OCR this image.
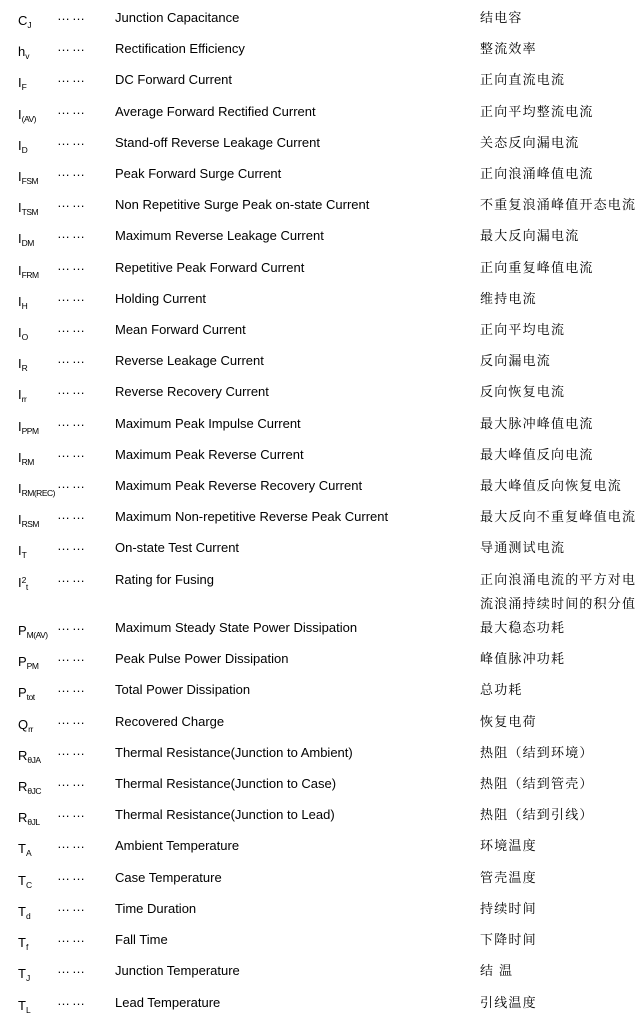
$C_J$
……	Junction Capacitance	结电容
$h_v$
……	Rectification Efficiency	整流效率
$I_F$
……	DC Forward Current	正向直流电流
$I_{(AV)}$
……	Average Forward Rectified Current	正向平均整流电流
$I_D$
……	Stand-off Reverse Leakage Current	关态反向漏电流
$I_{FSM}$
……	Peak Forward Surge Current	正向浪涌峰值电流
$I_{TSM}$
……	Non Repetitive Surge Peak on-state Current	不重复浪涌峰值开态电流
$I_{DM}$
……	Maximum Reverse Leakage Current	最大反向漏电流
$I_{FRM}$
……	Repetitive Peak Forward Current	正向重复峰值电流
$I_H$
……	Holding Current	维持电流
$I_O$
……	Mean Forward Current	正向平均电流
$I_R$
……	Reverse Leakage Current	反向漏电流
$I_{rr}$
……	Reverse Recovery Current	反向恢复电流
$I_{PPM}$
……	Maximum Peak Impulse Current	最大脉冲峰值电流
$I_{RM}$
……	Maximum Peak Reverse Current	最大峰值反向电流
$I_{RM(REC)}$
……	Maximum Peak Reverse Recovery Current	最大峰值反向恢复电流
$I_{RSM}$
……	Maximum Non-repetitive Reverse Peak Current	最大反向不重复峰值电流
$I_T$
……	On-state Test Current	导通测试电流
$I^2_t$
……	Rating for Fusing	正向浪涌电流的平方对电
流浪涌持续时间的积分值
$P_{M(AV)}$
……	Maximum Steady State Power Dissipation	最大稳态功耗
$P_{PM}$
……	Peak Pulse Power Dissipation	峰值脉冲功耗
$P_{tot}$
……	Total Power Dissipation	总功耗
$Q_{rr}$
……	Recovered Charge	恢复电荷
$R_{\theta JA}$
……	Thermal Resistance(Junction to Ambient)	热阻（结到环境）
$R_{\theta JC}$
……	Thermal Resistance(Junction to Case)	热阻（结到管壳）
$R_{\theta JL}$
……	Thermal Resistance(Junction to Lead)	热阻（结到引线）
$T_A$
……	Ambient Temperature	环境温度
$T_C$
……	Case Temperature	管壳温度
$T_d$
……	Time Duration	持续时间
$T_f$
……	Fall Time	下降时间
$T_J$
……	Junction Temperature	结 温
$T_L$
……	Lead Temperature	引线温度
